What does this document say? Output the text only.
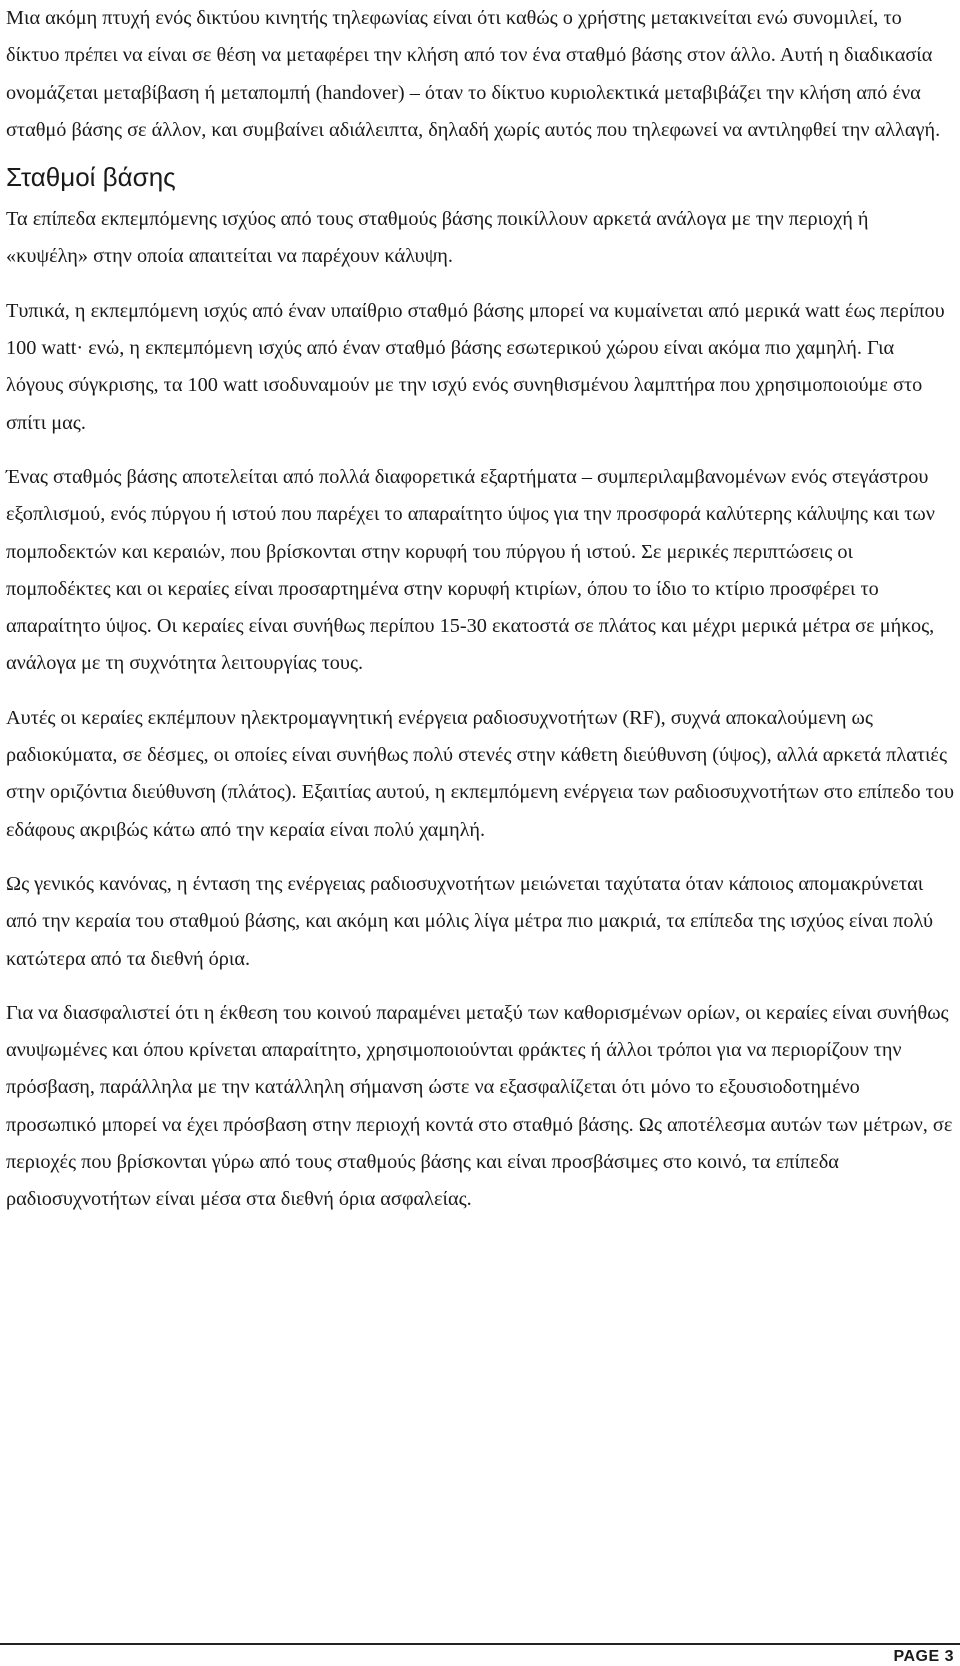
Μια ακόμη πτυχή ενός δικτύου κινητής τηλεφωνίας είναι ότι καθώς ο χρήστης μετακινείται ενώ συνομιλεί, το δίκτυο πρέπει να είναι σε θέση να μεταφέρει την κλήση από τον ένα σταθμό βάσης στον άλλο. Αυτή η διαδικασία ονομάζεται μεταβίβαση ή μεταπομπή (handover) – όταν το δίκτυο κυριολεκτικά μεταβιβάζει την κλήση από ένα σταθμό βάσης σε άλλον, και συμβαίνει αδιάλειπτα, δηλαδή χωρίς αυτός που τηλεφωνεί να αντιληφθεί την αλλαγή.

Σταθμοί βάσης

Τα επίπεδα εκπεμπόμενης ισχύος από τους σταθμούς βάσης ποικίλλουν αρκετά ανάλογα με την περιοχή ή «κυψέλη» στην οποία απαιτείται να παρέχουν κάλυψη.

Τυπικά, η εκπεμπόμενη ισχύς από έναν υπαίθριο σταθμό βάσης μπορεί να κυμαίνεται από μερικά watt έως περίπου 100 watt· ενώ, η εκπεμπόμενη ισχύς από έναν σταθμό βάσης εσωτερικού χώρου είναι ακόμα πιο χαμηλή. Για λόγους σύγκρισης, τα 100 watt ισοδυναμούν με την ισχύ ενός συνηθισμένου λαμπτήρα που χρησιμοποιούμε στο σπίτι μας.

Ένας σταθμός βάσης αποτελείται από πολλά διαφορετικά εξαρτήματα – συμπεριλαμβανομένων ενός στεγάστρου εξοπλισμού, ενός πύργου ή ιστού που παρέχει το απαραίτητο ύψος για την προσφορά καλύτερης κάλυψης και των πομποδεκτών και κεραιών, που βρίσκονται στην κορυφή του πύργου ή ιστού. Σε μερικές περιπτώσεις οι πομποδέκτες και οι κεραίες είναι προσαρτημένα στην κορυφή κτιρίων, όπου το ίδιο το κτίριο προσφέρει το απαραίτητο ύψος. Οι κεραίες είναι συνήθως περίπου 15-30 εκατοστά σε πλάτος και μέχρι μερικά μέτρα σε μήκος, ανάλογα με τη συχνότητα λειτουργίας τους.

Αυτές οι κεραίες εκπέμπουν ηλεκτρομαγνητική ενέργεια ραδιοσυχνοτήτων (RF), συχνά αποκαλούμενη ως ραδιοκύματα, σε δέσμες, οι οποίες είναι συνήθως πολύ στενές στην κάθετη διεύθυνση (ύψος), αλλά αρκετά πλατιές στην οριζόντια διεύθυνση (πλάτος). Εξαιτίας αυτού, η εκπεμπόμενη ενέργεια των ραδιοσυχνοτήτων στο επίπεδο του εδάφους ακριβώς κάτω από την κεραία είναι πολύ χαμηλή.

Ως γενικός κανόνας, η ένταση της ενέργειας ραδιοσυχνοτήτων μειώνεται ταχύτατα όταν κάποιος απομακρύνεται από την κεραία του σταθμού βάσης, και ακόμη και μόλις λίγα μέτρα πιο μακριά, τα επίπεδα της ισχύος είναι πολύ κατώτερα από τα διεθνή όρια.

Για να διασφαλιστεί ότι η έκθεση του κοινού παραμένει μεταξύ των καθορισμένων ορίων, οι κεραίες είναι συνήθως ανυψωμένες και όπου κρίνεται απαραίτητο, χρησιμοποιούνται φράκτες ή άλλοι τρόποι για να περιορίζουν την πρόσβαση, παράλληλα με την κατάλληλη σήμανση ώστε να εξασφαλίζεται ότι μόνο το εξουσιοδοτημένο προσωπικό μπορεί να έχει πρόσβαση στην περιοχή κοντά στο σταθμό βάσης. Ως αποτέλεσμα αυτών των μέτρων, σε περιοχές που βρίσκονται γύρω από τους σταθμούς βάσης και είναι προσβάσιμες στο κοινό, τα επίπεδα ραδιοσυχνοτήτων είναι μέσα στα διεθνή όρια ασφαλείας.

PAGE 3
